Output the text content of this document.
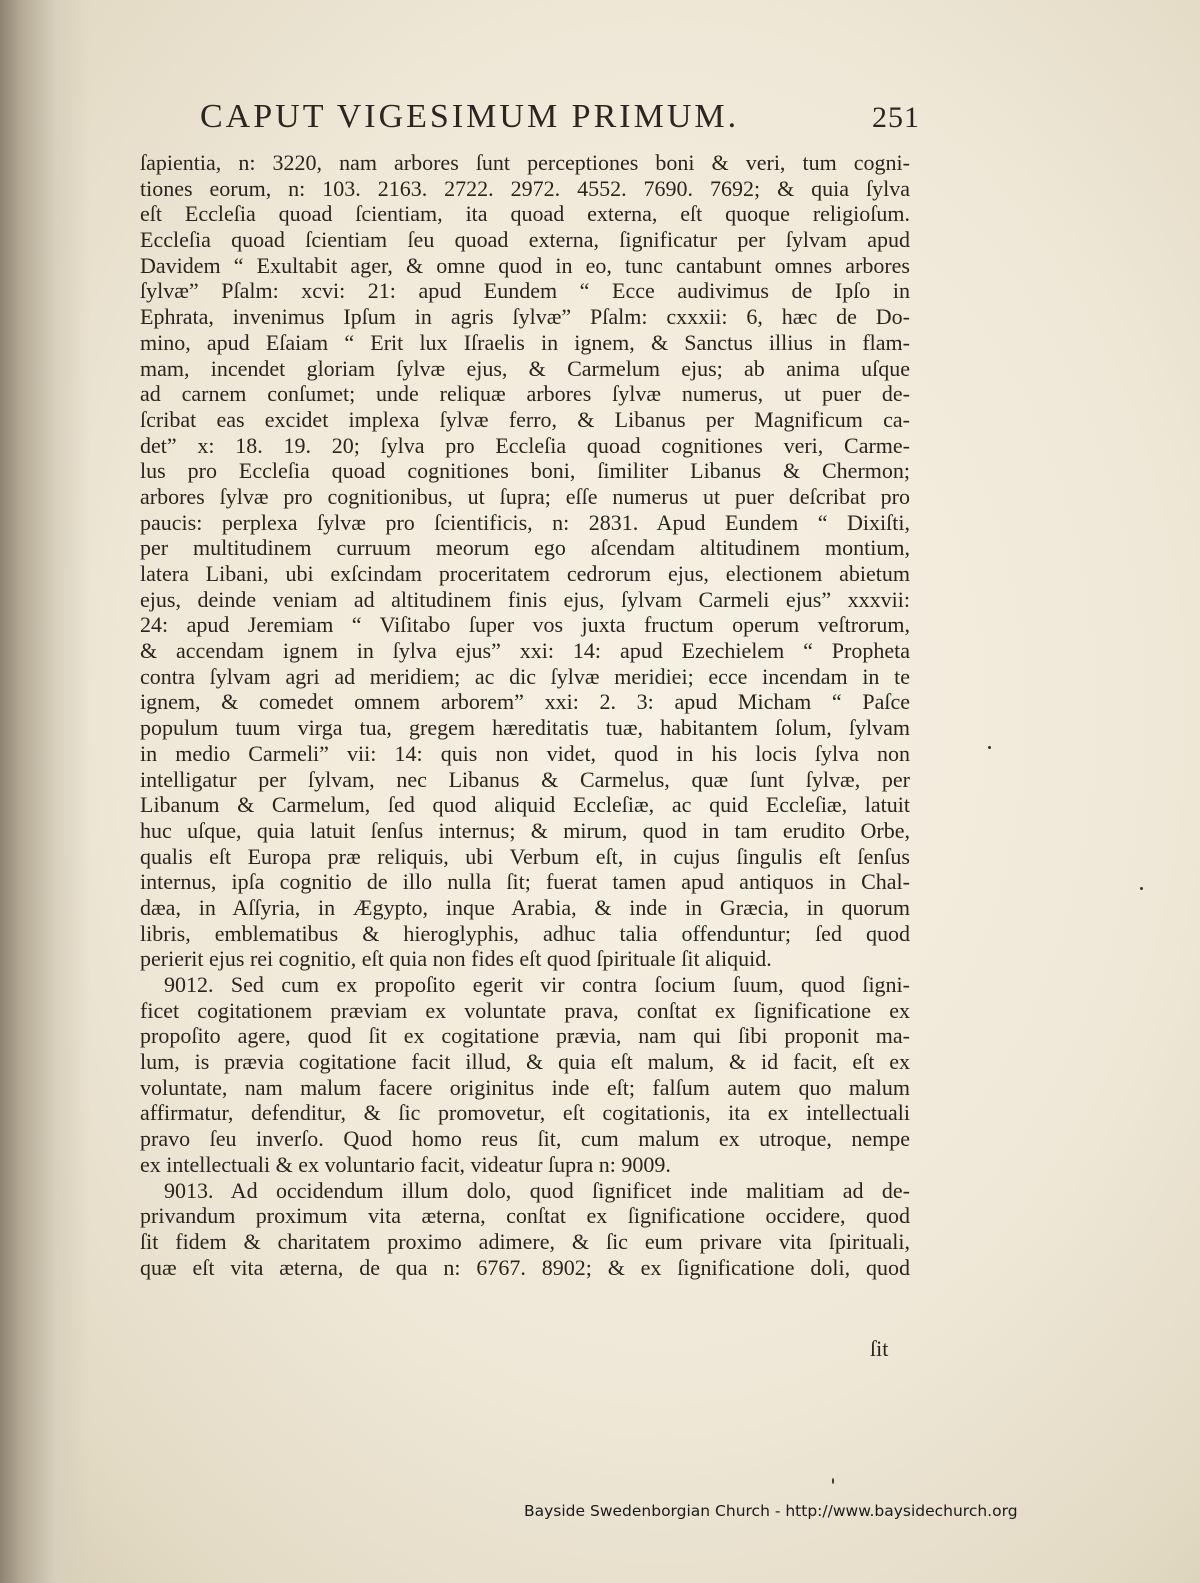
CAPUT VIGESIMUM PRIMUM.	251
ſapientia, n: 3220, nam arbores ſunt perceptiones boni & veri, tum cogni-
tiones eorum, n: 103. 2163. 2722. 2972. 4552. 7690. 7692; & quia ſylva
eſt Eccleſia quoad ſcientiam, ita quoad externa, eſt quoque religioſum.
Eccleſia quoad ſcientiam ſeu quoad externa, ſignificatur per ſylvam apud
Davidem “ Exultabit ager, & omne quod in eo, tunc cantabunt omnes arbores
ſylvæ” Pſalm: xcvi: 21: apud Eundem “ Ecce audivimus de Ipſo in
Ephrata, invenimus Ipſum in agris ſylvæ” Pſalm: cxxxii: 6, hæc de Do-
mino, apud Eſaiam “ Erit lux Iſraelis in ignem, & Sanctus illius in flam-
mam, incendet gloriam ſylvæ ejus, & Carmelum ejus; ab anima uſque
ad carnem conſumet; unde reliquæ arbores ſylvæ numerus, ut puer de-
ſcribat eas excidet implexa ſylvæ ferro, & Libanus per Magnificum ca-
det” x: 18. 19. 20; ſylva pro Eccleſia quoad cognitiones veri, Carme-
lus pro Eccleſia quoad cognitiones boni, ſimiliter Libanus & Chermon;
arbores ſylvæ pro cognitionibus, ut ſupra; eſſe numerus ut puer deſcribat pro
paucis: perplexa ſylvæ pro ſcientificis, n: 2831. Apud Eundem “ Dixiſti,
per multitudinem curruum meorum ego aſcendam altitudinem montium,
latera Libani, ubi exſcindam proceritatem cedrorum ejus, electionem abietum
ejus, deinde veniam ad altitudinem finis ejus, ſylvam Carmeli ejus” xxxvii:
24: apud Jeremiam “ Viſitabo ſuper vos juxta fructum operum veſtrorum,
& accendam ignem in ſylva ejus” xxi: 14: apud Ezechielem “ Propheta
contra ſylvam agri ad meridiem; ac dic ſylvæ meridiei; ecce incendam in te
ignem, & comedet omnem arborem” xxi: 2. 3: apud Micham “ Paſce
populum tuum virga tua, gregem hæreditatis tuæ, habitantem ſolum, ſylvam
in medio Carmeli” vii: 14: quis non videt, quod in his locis ſylva non
intelligatur per ſylvam, nec Libanus & Carmelus, quæ ſunt ſylvæ, per
Libanum & Carmelum, ſed quod aliquid Eccleſiæ, ac quid Eccleſiæ, latuit
huc uſque, quia latuit ſenſus internus; & mirum, quod in tam erudito Orbe,
qualis eſt Europa præ reliquis, ubi Verbum eſt, in cujus ſingulis eſt ſenſus
internus, ipſa cognitio de illo nulla ſit; fuerat tamen apud antiquos in Chal-
dæa, in Aſſyria, in Ægypto, inque Arabia, & inde in Græcia, in quorum
libris, emblematibus & hieroglyphis, adhuc talia offenduntur; ſed quod
perierit ejus rei cognitio, eſt quia non fides eſt quod ſpirituale ſit aliquid.
9012. Sed cum ex propoſito egerit vir contra ſocium ſuum, quod ſigni-
ficet cogitationem præviam ex voluntate prava, conſtat ex ſignificatione ex
propoſito agere, quod ſit ex cogitatione prævia, nam qui ſibi proponit ma-
lum, is prævia cogitatione facit illud, & quia eſt malum, & id facit, eſt ex
voluntate, nam malum facere originitus inde eſt; falſum autem quo malum
affirmatur, defenditur, & ſic promovetur, eſt cogitationis, ita ex intellectuali
pravo ſeu inverſo. Quod homo reus ſit, cum malum ex utroque, nempe
ex intellectuali & ex voluntario facit, videatur ſupra n: 9009.
9013. Ad occidendum illum dolo, quod ſignificet inde malitiam ad de-
privandum proximum vita æterna, conſtat ex ſignificatione occidere, quod
ſit fidem & charitatem proximo adimere, & ſic eum privare vita ſpirituali,
quæ eſt vita æterna, de qua n: 6767. 8902; & ex ſignificatione doli, quod
ſit
Bayside Swedenborgian Church - http://www.baysidechurch.org
